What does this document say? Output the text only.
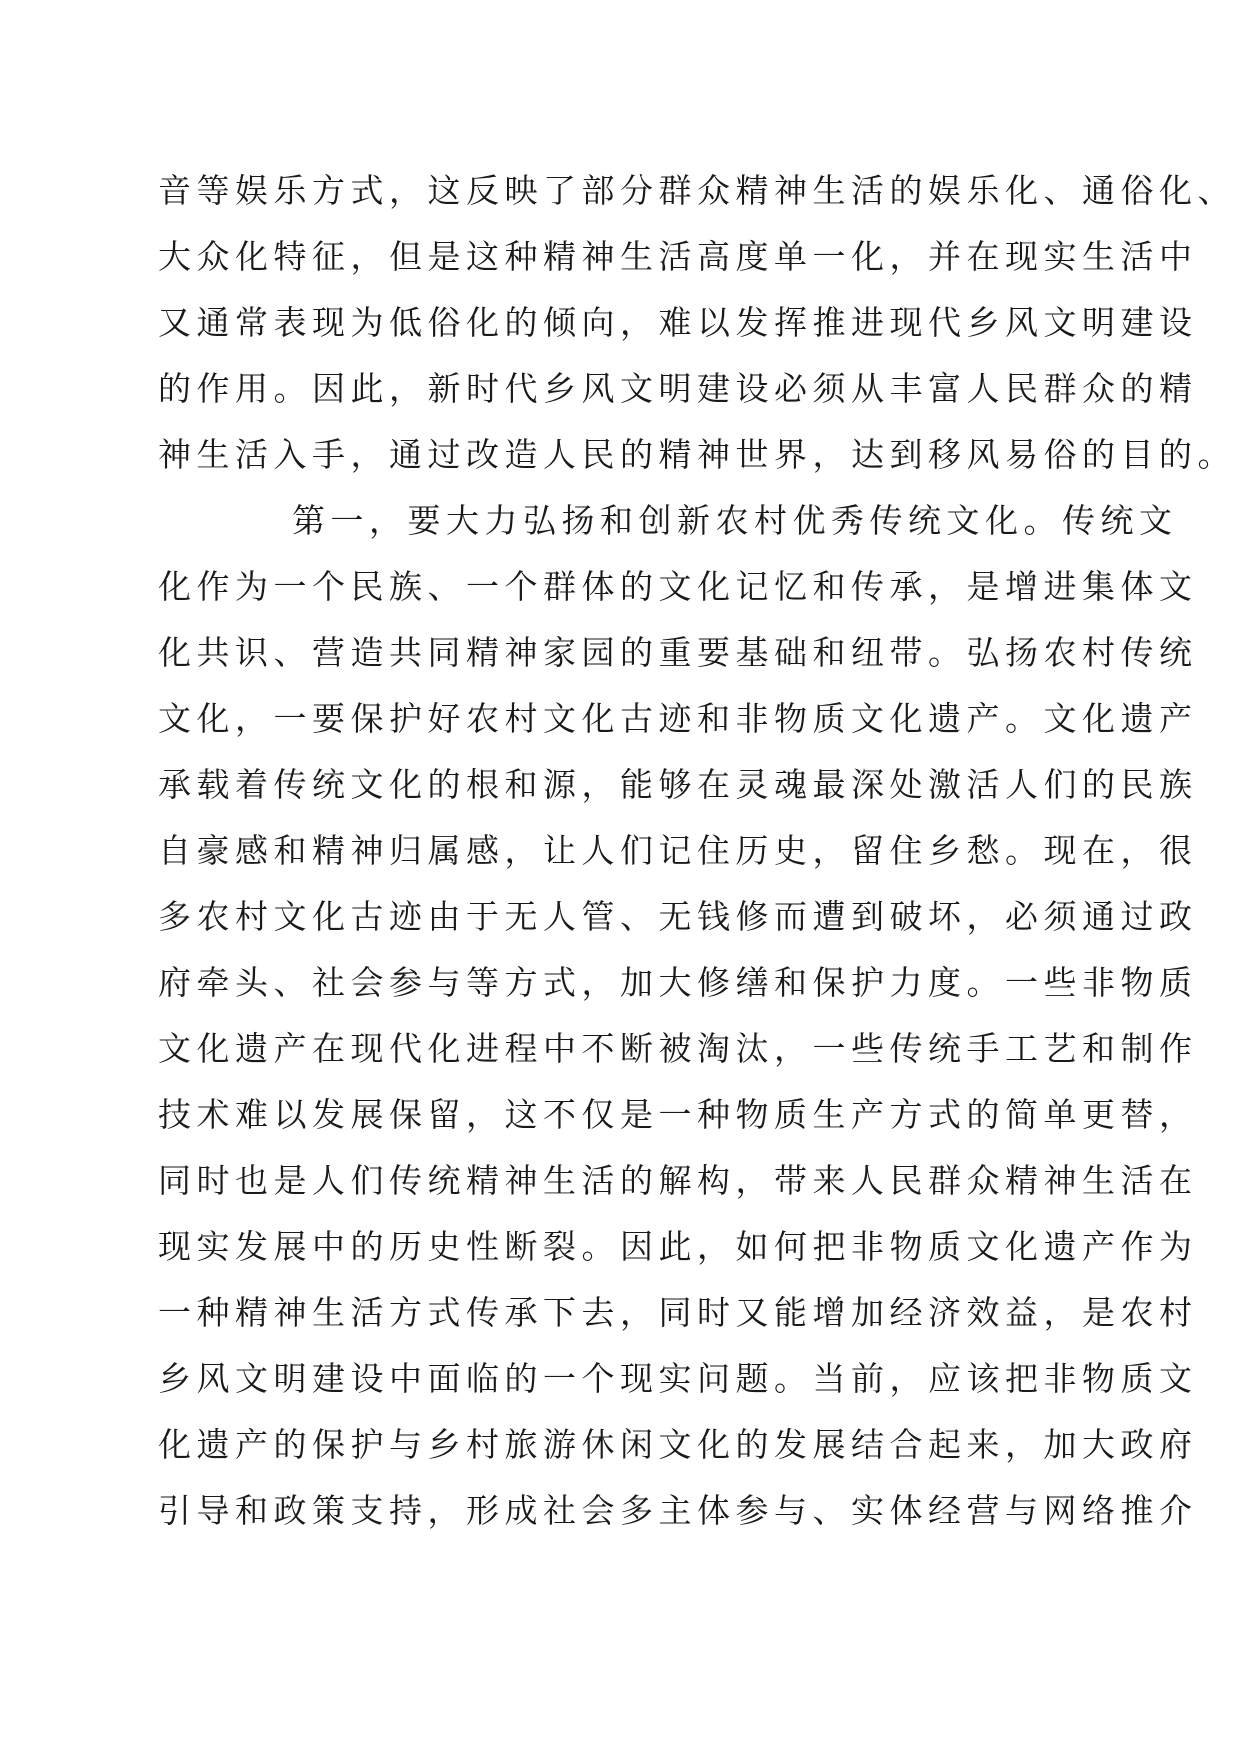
音等娱乐方式，这反映了部分群众精神生活的娱乐化、通俗化、
大众化特征，但是这种精神生活高度单一化，并在现实生活中
又通常表现为低俗化的倾向，难以发挥推进现代乡风文明建设
的作用。因此，新时代乡风文明建设必须从丰富人民群众的精
神生活入手，通过改造人民的精神世界，达到移风易俗的目的。
第一，要大力弘扬和创新农村优秀传统文化。传统文
化作为一个民族、一个群体的文化记忆和传承，是增进集体文
化共识、营造共同精神家园的重要基础和纽带。弘扬农村传统
文化，一要保护好农村文化古迹和非物质文化遗产。文化遗产
承载着传统文化的根和源，能够在灵魂最深处激活人们的民族
自豪感和精神归属感，让人们记住历史，留住乡愁。现在，很
多农村文化古迹由于无人管、无钱修而遭到破坏，必须通过政
府牵头、社会参与等方式，加大修缮和保护力度。一些非物质
文化遗产在现代化进程中不断被淘汰，一些传统手工艺和制作
技术难以发展保留，这不仅是一种物质生产方式的简单更替，
同时也是人们传统精神生活的解构，带来人民群众精神生活在
现实发展中的历史性断裂。因此，如何把非物质文化遗产作为
一种精神生活方式传承下去，同时又能增加经济效益，是农村
乡风文明建设中面临的一个现实问题。当前，应该把非物质文
化遗产的保护与乡村旅游休闲文化的发展结合起来，加大政府
引导和政策支持，形成社会多主体参与、实体经营与网络推介
